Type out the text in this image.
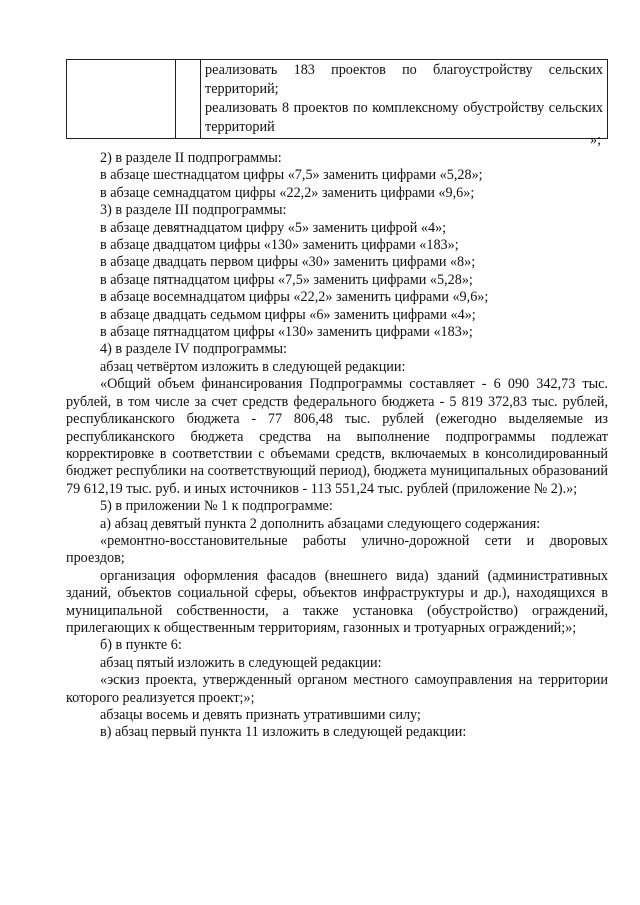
реализовать 183 проектов по благоустройству сельских территорий;

реализовать 8 проектов по комплексному обустройству сельских территорий

»;

2) в разделе II подпрограммы:

в абзаце шестнадцатом цифры «7,5» заменить цифрами «5,28»;

в абзаце семнадцатом цифры «22,2» заменить цифрами «9,6»;

3) в разделе III подпрограммы:

в абзаце девятнадцатом цифру «5» заменить цифрой «4»;

в абзаце двадцатом цифры «130» заменить цифрами «183»;

в абзаце двадцать первом цифры «30» заменить цифрами «8»;

в абзаце пятнадцатом цифры «7,5» заменить цифрами «5,28»;

в абзаце восемнадцатом цифры «22,2» заменить цифрами «9,6»;

в абзаце двадцать седьмом цифры «6» заменить цифрами «4»;

в абзаце пятнадцатом цифры «130» заменить цифрами «183»;

4) в разделе IV подпрограммы:

абзац четвёртом изложить в следующей редакции:

«Общий объем финансирования Подпрограммы составляет - 6 090 342,73 тыс. рублей, в том числе за счет средств федерального бюджета - 5 819 372,83 тыс. рублей, республиканского бюджета - 77 806,48 тыс. рублей (ежегодно выделяемые из республиканского бюджета средства на выполнение подпрограммы подлежат корректировке в соответствии с объемами средств, включаемых в консолидированный бюджет республики на соответствующий период), бюджета муниципальных образований 79 612,19 тыс. руб. и иных источников - 113 551,24 тыс. рублей (приложение № 2).»;

5) в приложении № 1 к подпрограмме:

а) абзац девятый пункта 2 дополнить абзацами следующего содержания:

«ремонтно-восстановительные работы улично-дорожной сети и дворовых проездов;

организация оформления фасадов (внешнего вида) зданий (административных зданий, объектов социальной сферы, объектов инфраструктуры и др.), находящихся в муниципальной собственности, а также установка (обустройство) ограждений, прилегающих к общественным территориям, газонных и тротуарных ограждений;»;

б) в пункте 6:

абзац пятый изложить в следующей редакции:

«эскиз проекта, утвержденный органом местного самоуправления на территории которого реализуется проект;»;

абзацы восемь и девять признать утратившими силу;

в) абзац первый пункта 11 изложить в следующей редакции:
